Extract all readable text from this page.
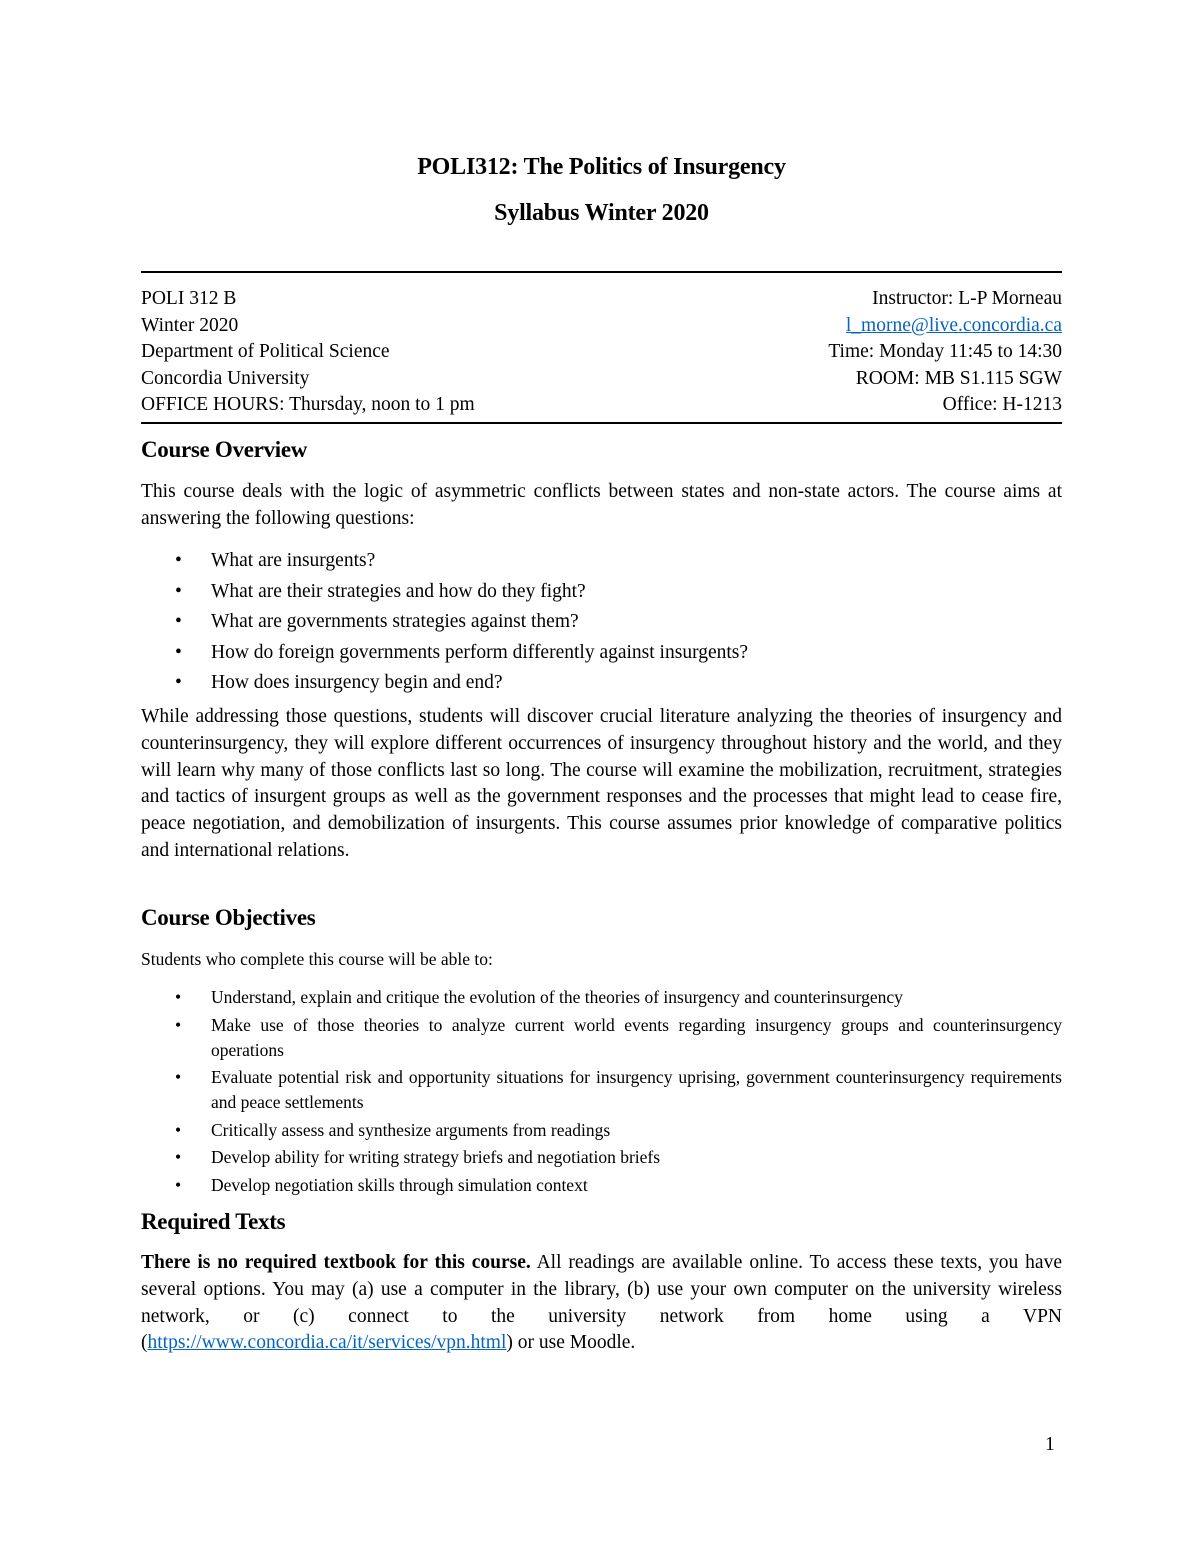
POLI312: The Politics of Insurgency
Syllabus Winter 2020
POLI 312 B	Instructor: L-P Morneau
Winter 2020	l_morne@live.concordia.ca
Department of Political Science	Time: Monday 11:45 to 14:30
Concordia University	ROOM: MB S1.115 SGW
OFFICE HOURS: Thursday, noon to 1 pm	Office: H-1213
Course Overview

This course deals with the logic of asymmetric conflicts between states and non-state actors. The course aims at answering the following questions:

• What are insurgents?
• What are their strategies and how do they fight?
• What are governments strategies against them?
• How do foreign governments perform differently against insurgents?
• How does insurgency begin and end?

While addressing those questions, students will discover crucial literature analyzing the theories of insurgency and counterinsurgency, they will explore different occurrences of insurgency throughout history and the world, and they will learn why many of those conflicts last so long. The course will examine the mobilization, recruitment, strategies and tactics of insurgent groups as well as the government responses and the processes that might lead to cease fire, peace negotiation, and demobilization of insurgents. This course assumes prior knowledge of comparative politics and international relations.

Course Objectives

Students who complete this course will be able to:

• Understand, explain and critique the evolution of the theories of insurgency and counterinsurgency
• Make use of those theories to analyze current world events regarding insurgency groups and counterinsurgency operations
• Evaluate potential risk and opportunity situations for insurgency uprising, government counterinsurgency requirements and peace settlements
• Critically assess and synthesize arguments from readings
• Develop ability for writing strategy briefs and negotiation briefs
• Develop negotiation skills through simulation context
Required Texts

There is no required textbook for this course. All readings are available online. To access these texts, you have several options. You may (a) use a computer in the library, (b) use your own computer on the university wireless network, or (c) connect to the university network from home using a VPN (https://www.concordia.ca/it/services/vpn.html) or use Moodle.

1
